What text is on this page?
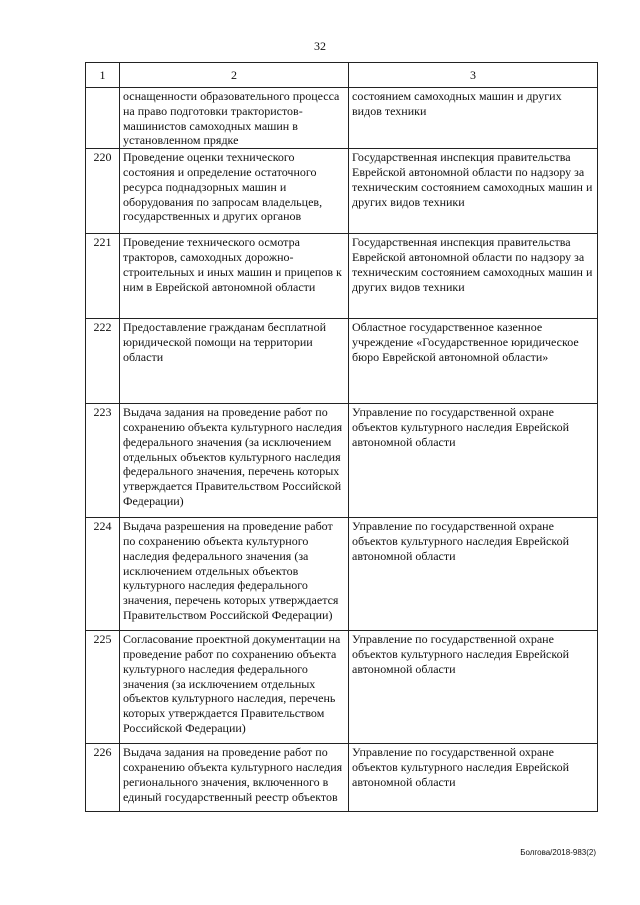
32
1	2	3
	оснащенности образовательного процесса на право подготовки трактористов-машинистов самоходных машин в установленном прядке	состоянием самоходных машин и других видов техники
220	Проведение оценки технического состояния и определение остаточного ресурса поднадзорных машин и оборудования по запросам владельцев, государственных и других органов	Государственная инспекция правительства Еврейской автономной области по надзору за техническим состоянием самоходных машин и других видов техники
221	Проведение технического осмотра тракторов, самоходных дорожно-строительных и иных машин и прицепов к ним в Еврейской автономной области	Государственная инспекция правительства Еврейской автономной области по надзору за техническим состоянием самоходных машин и других видов техники
222	Предоставление гражданам бесплатной юридической помощи на территории области	Областное государственное казенное учреждение «Государственное юридическое бюро Еврейской автономной области»
223	Выдача задания на проведение работ по сохранению объекта культурного наследия федерального значения (за исключением отдельных объектов культурного наследия федерального значения, перечень которых утверждается Правительством Российской Федерации)	Управление по государственной охране объектов культурного наследия Еврейской автономной области
224	Выдача разрешения на проведение работ по сохранению объекта культурного наследия федерального значения (за исключением отдельных объектов культурного наследия федерального значения, перечень которых утверждается Правительством Российской Федерации)	Управление по государственной охране объектов культурного наследия Еврейской автономной области
225	Согласование проектной документации на проведение работ по сохранению объекта культурного наследия федерального значения (за исключением отдельных объектов культурного наследия, перечень которых утверждается Правительством Российской Федерации)	Управление по государственной охране объектов культурного наследия Еврейской автономной области
226	Выдача задания на проведение работ по сохранению объекта культурного наследия регионального значения, включенного в единый государственный реестр объектов	Управление по государственной охране объектов культурного наследия Еврейской автономной области
Болгова/2018-983(2)
